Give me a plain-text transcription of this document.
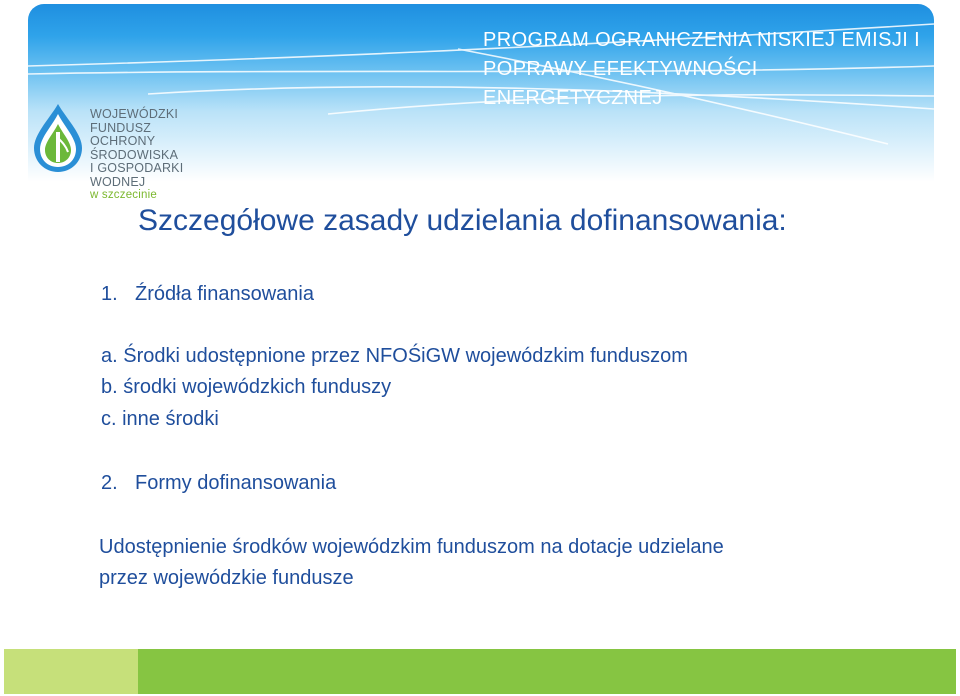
PROGRAM OGRANICZENIA NISKIEJ EMISJI I
POPRAWY EFEKTYWNOŚCI ENERGETYCZNEJ
WOJEWÓDZKI FUNDUSZ
OCHRONY ŚRODOWISKA
I GOSPODARKI WODNEJ
w szczecinie
Szczegółowe zasady udzielania dofinansowania:
1. Źródła finansowania
a. Środki udostępnione przez NFOŚiGW wojewódzkim funduszom
b. środki wojewódzkich funduszy
c. inne środki
2. Formy dofinansowania
Udostępnienie środków wojewódzkim funduszom na dotacje udzielane
przez wojewódzkie fundusze
